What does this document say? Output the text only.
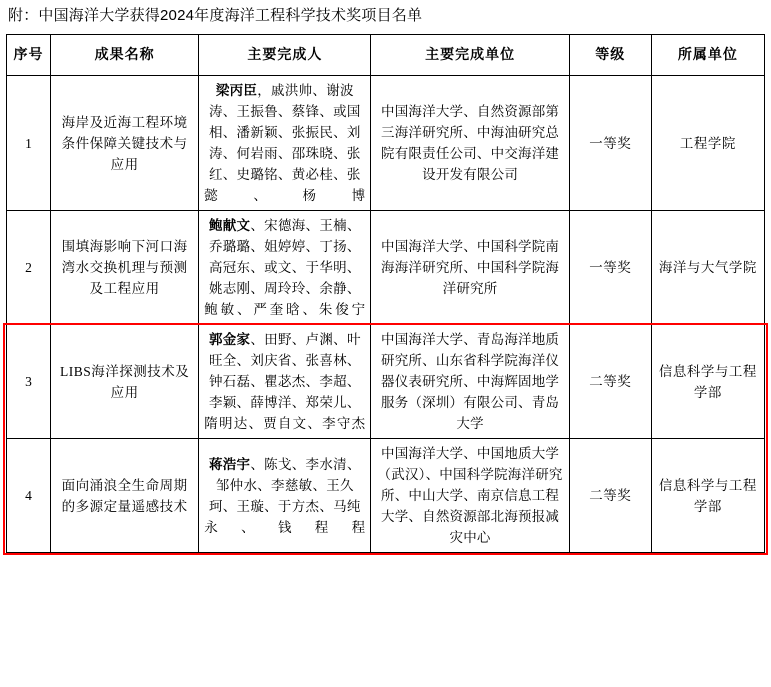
附：中国海洋大学获得2024年度海洋工程科学技术奖项目名单
序号	成果名称	主要完成人	主要完成单位	等级	所属单位
1	海岸及近海工程环境条件保障关键技术与应用	梁丙臣，戚洪帅、谢波涛、王振鲁、蔡锋、或国相、潘新颖、张振民、刘涛、何岩雨、邵珠晓、张红、史璐铭、黄必桂、张懿、杨博	中国海洋大学、自然资源部第三海洋研究所、中海油研究总院有限责任公司、中交海洋建设开发有限公司	一等奖	工程学院
2	围填海影响下河口海湾水交换机理与预测及工程应用	鲍献文、宋德海、王楠、乔璐璐、姐婷婷、丁扬、高冠东、或文、于华明、姚志刚、周玲玲、余静、鲍敏、严奎晗、朱俊宁	中国海洋大学、中国科学院南海海洋研究所、中国科学院海洋研究所	一等奖	海洋与大气学院
3	LIBS海洋探测技术及应用	郭金家、田野、卢渊、叶旺全、刘庆省、张喜林、钟石磊、瞿苾杰、李超、李颖、薛博洋、郑荣儿、隋明达、贾自文、李守杰	中国海洋大学、青岛海洋地质研究所、山东省科学院海洋仪器仪表研究所、中海辉固地学服务（深圳）有限公司、青岛大学	二等奖	信息科学与工程学部
4	面向涌浪全生命周期的多源定量遥感技术	蒋浩宇、陈戈、李水清、邹仲水、李慈敏、王久珂、王璇、于方杰、马纯永、钱程程	中国海洋大学、中国地质大学（武汉）、中国科学院海洋研究所、中山大学、南京信息工程大学、自然资源部北海预报减灾中心	二等奖	信息科学与工程学部
